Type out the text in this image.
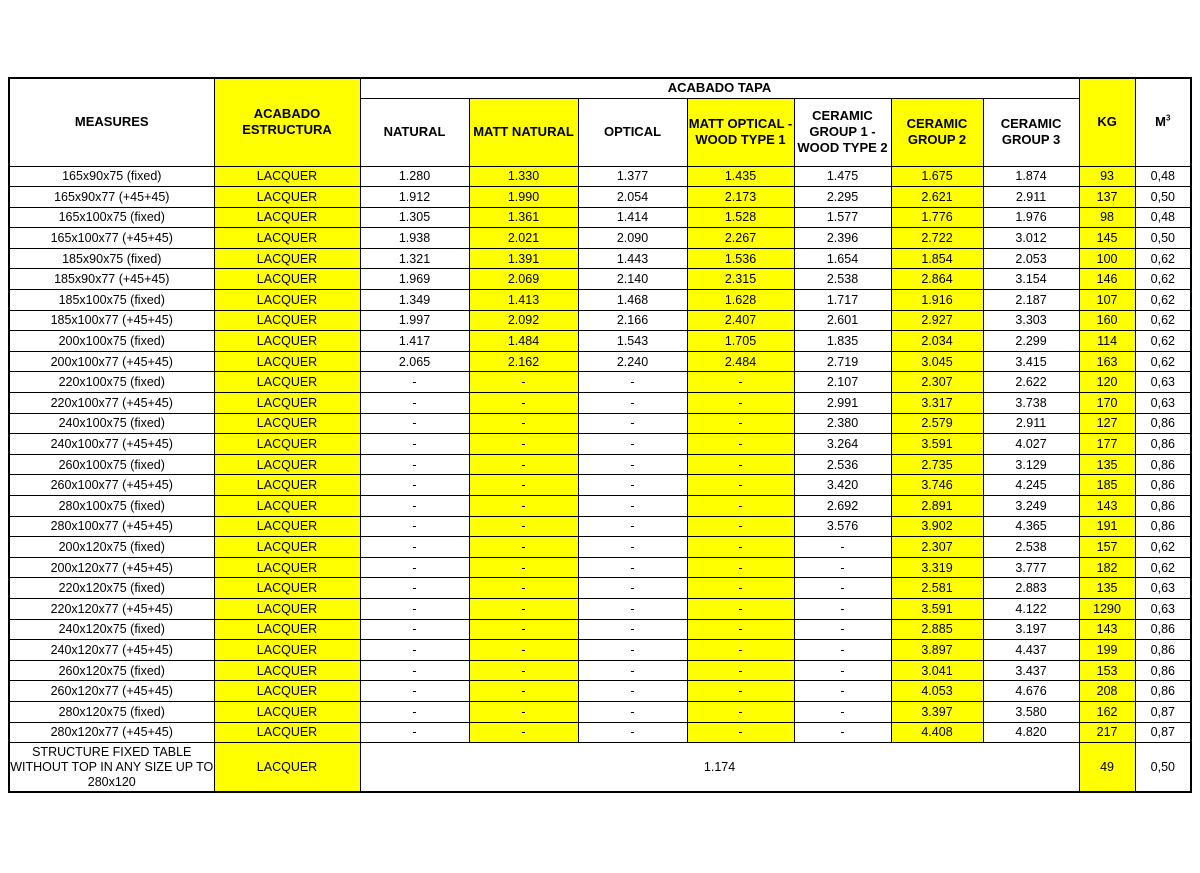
MEASURES	ACABADO ESTRUCTURA	ACABADO TAPA							KG	$M^3$
		NATURAL	MATT NATURAL	OPTICAL	MATT OPTICAL - WOOD TYPE 1	CERAMIC GROUP 1 - WOOD TYPE 2	CERAMIC GROUP 2	CERAMIC GROUP 3		
165x90x75 (fixed)	LACQUER	1.280	1.330	1.377	1.435	1.475	1.675	1.874	93	0,48
165x90x77 (+45+45)	LACQUER	1.912	1.990	2.054	2.173	2.295	2.621	2.911	137	0,50
165x100x75 (fixed)	LACQUER	1.305	1.361	1.414	1.528	1.577	1.776	1.976	98	0,48
165x100x77 (+45+45)	LACQUER	1.938	2.021	2.090	2.267	2.396	2.722	3.012	145	0,50
185x90x75 (fixed)	LACQUER	1.321	1.391	1.443	1.536	1.654	1.854	2.053	100	0,62
185x90x77 (+45+45)	LACQUER	1.969	2.069	2.140	2.315	2.538	2.864	3.154	146	0,62
185x100x75 (fixed)	LACQUER	1.349	1.413	1.468	1.628	1.717	1.916	2.187	107	0,62
185x100x77 (+45+45)	LACQUER	1.997	2.092	2.166	2.407	2.601	2.927	3.303	160	0,62
200x100x75 (fixed)	LACQUER	1.417	1.484	1.543	1.705	1.835	2.034	2.299	114	0,62
200x100x77 (+45+45)	LACQUER	2.065	2.162	2.240	2.484	2.719	3.045	3.415	163	0,62
220x100x75 (fixed)	LACQUER	-	-	-	-	2.107	2.307	2.622	120	0,63
220x100x77 (+45+45)	LACQUER	-	-	-	-	2.991	3.317	3.738	170	0,63
240x100x75 (fixed)	LACQUER	-	-	-	-	2.380	2.579	2.911	127	0,86
240x100x77 (+45+45)	LACQUER	-	-	-	-	3.264	3.591	4.027	177	0,86
260x100x75 (fixed)	LACQUER	-	-	-	-	2.536	2.735	3.129	135	0,86
260x100x77 (+45+45)	LACQUER	-	-	-	-	3.420	3.746	4.245	185	0,86
280x100x75 (fixed)	LACQUER	-	-	-	-	2.692	2.891	3.249	143	0,86
280x100x77 (+45+45)	LACQUER	-	-	-	-	3.576	3.902	4.365	191	0,86
200x120x75 (fixed)	LACQUER	-	-	-	-	-	2.307	2.538	157	0,62
200x120x77 (+45+45)	LACQUER	-	-	-	-	-	3.319	3.777	182	0,62
220x120x75 (fixed)	LACQUER	-	-	-	-	-	2.581	2.883	135	0,63
220x120x77 (+45+45)	LACQUER	-	-	-	-	-	3.591	4.122	1290	0,63
240x120x75 (fixed)	LACQUER	-	-	-	-	-	2.885	3.197	143	0,86
240x120x77 (+45+45)	LACQUER	-	-	-	-	-	3.897	4.437	199	0,86
260x120x75 (fixed)	LACQUER	-	-	-	-	-	3.041	3.437	153	0,86
260x120x77 (+45+45)	LACQUER	-	-	-	-	-	4.053	4.676	208	0,86
280x120x75 (fixed)	LACQUER	-	-	-	-	-	3.397	3.580	162	0,87
280x120x77 (+45+45)	LACQUER	-	-	-	-	-	4.408	4.820	217	0,87
STRUCTURE FIXED TABLE WITHOUT TOP IN ANY SIZE UP TO 280x120	LACQUER	1.174							49	0,50
